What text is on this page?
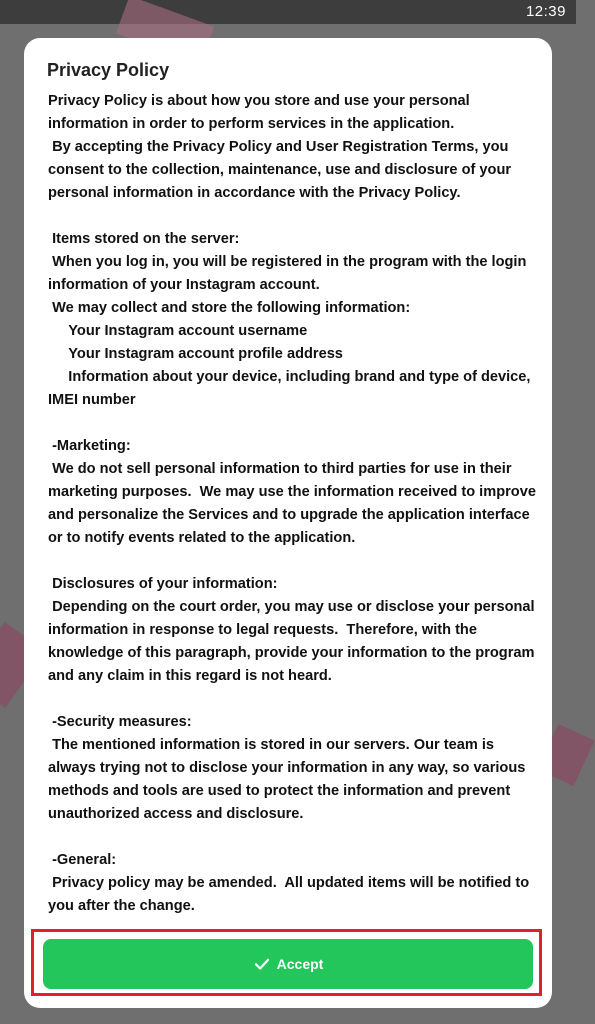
12:39
Privacy Policy
Privacy Policy is about how you store and use your personal information in order to perform services in the application.
By accepting the Privacy Policy and User Registration Terms, you consent to the collection, maintenance, use and disclosure of your personal information in accordance with the Privacy Policy.

Items stored on the server:
When you log in, you will be registered in the program with the login information of your Instagram account.
We may collect and store the following information:
Your Instagram account username
Your Instagram account profile address
Information about your device, including brand and type of device, IMEI number

-Marketing:
We do not sell personal information to third parties for use in their marketing purposes.  We may use the information received to improve and personalize the Services and to upgrade the application interface or to notify events related to the application.

Disclosures of your information:
Depending on the court order, you may use or disclose your personal information in response to legal requests.  Therefore, with the knowledge of this paragraph, provide your information to the program and any claim in this regard is not heard.

-Security measures:
The mentioned information is stored in our servers. Our team is always trying not to disclose your information in any way, so various methods and tools are used to protect the information and prevent unauthorized access and disclosure.

-General:
Privacy policy may be amended.  All updated items will be notified to you after the change.
Accept
